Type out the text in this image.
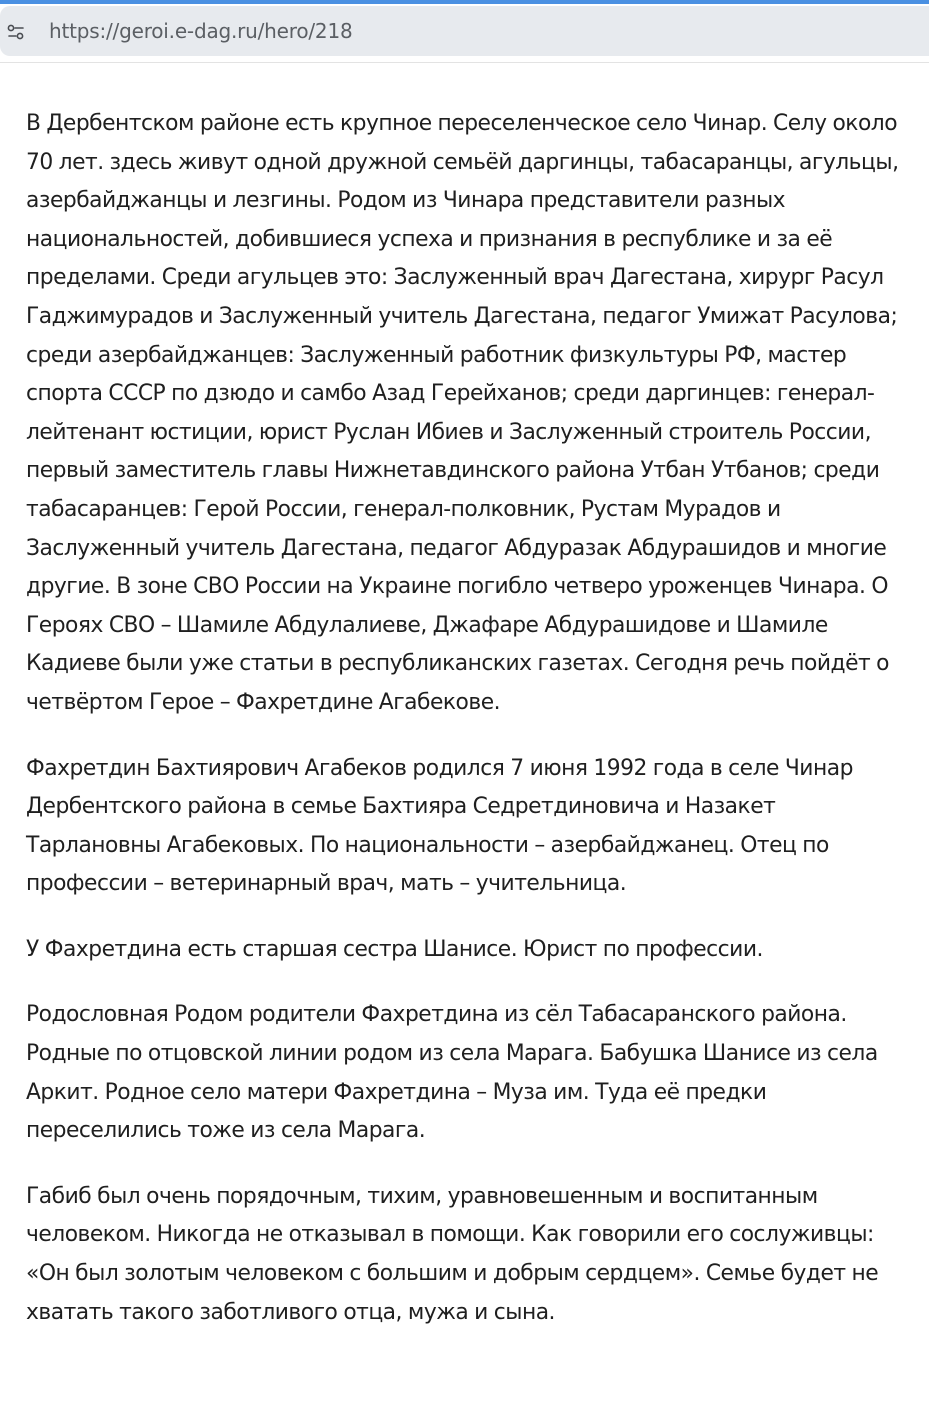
https://geroi.e-dag.ru/hero/218

В Дербентском районе есть крупное переселенческое село Чинар. Селу около 70 лет. здесь живут одной дружной семьёй даргинцы, табасаранцы, агульцы, азербайджанцы и лезгины. Родом из Чинара представители разных национальностей, добившиеся успеха и признания в республике и за её пределами. Среди агульцев это: Заслуженный врач Дагестана, хирург Расул Гаджимурадов и Заслуженный учитель Дагестана, педагог Умижат Расулова; среди азербайджанцев: Заслуженный работник физкультуры РФ, мастер спорта СССР по дзюдо и самбо Азад Герейханов; среди даргинцев: генерал-лейтенант юстиции, юрист Руслан Ибиев и Заслуженный строитель России, первый заместитель главы Нижнетавдинского района Утбан Утбанов; среди табасаранцев: Герой России, генерал-полковник, Рустам Мурадов и Заслуженный учитель Дагестана, педагог Абдуразак Абдурашидов и многие другие. В зоне СВО России на Украине погибло четверо уроженцев Чинара. О Героях СВО – Шамиле Абдулалиеве, Джафаре Абдурашидове и Шамиле Кадиеве были уже статьи в республиканских газетах. Сегодня речь пойдёт о четвёртом Герое – Фахретдине Агабекове.

Фахретдин Бахтиярович Агабеков родился 7 июня 1992 года в селе Чинар Дербентского района в семье Бахтияра Седретдиновича и Назакет Тарлановны Агабековых. По национальности – азербайджанец. Отец по профессии – ветеринарный врач, мать – учительница.

У Фахретдина есть старшая сестра Шанисе. Юрист по профессии.

Родословная Родом родители Фахретдина из сёл Табасаранского района. Родные по отцовской линии родом из села Марага. Бабушка Шанисе из села Аркит. Родное село матери Фахретдина – Муза им. Туда её предки переселились тоже из села Марага.

Габиб был очень порядочным, тихим, уравновешенным и воспитанным человеком. Никогда не отказывал в помощи. Как говорили его сослуживцы: «Он был золотым человеком с большим и добрым сердцем». Семье будет не хватать такого заботливого отца, мужа и сына.
